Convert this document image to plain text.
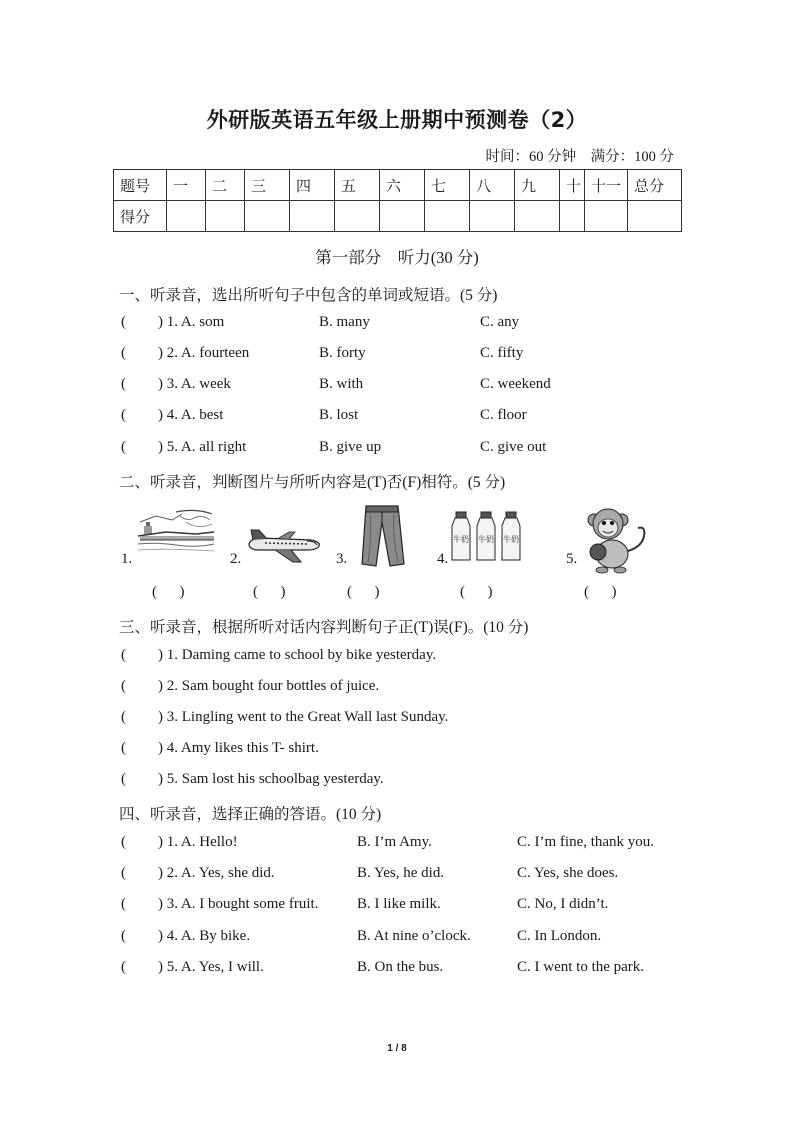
外研版英语五年级上册期中预测卷（2）
时间：60 分钟    满分：100 分
题号	一	二	三	四	五	六	七	八	九	十	十一	总分
得分												
第一部分    听力(30 分)
一、听录音，选出所听句子中包含的单词或短语。(5 分)
( ) 1. A. som	B. many	C. any
( ) 2. A. fourteen	B. forty	C. fifty
( ) 3. A. week	B. with	C. weekend
( ) 4. A. best	B. lost	C. floor
( ) 5. A. all right	B. give up	C. give out
二、听录音，判断图片与所听内容是(T)否(F)相符。(5 分)
1.	2.	3.	4.	5.
牛奶 牛奶 牛奶
(      )	(      )	(      )	(      )	(      )
三、听录音，根据所听对话内容判断句子正(T)误(F)。(10 分)
( ) 1. Daming came to school by bike yesterday.
( ) 2. Sam bought four bottles of juice.
( ) 3. Lingling went to the Great Wall last Sunday.
( ) 4. Amy likes this T- shirt.
( ) 5. Sam lost his schoolbag yesterday.
四、听录音，选择正确的答语。(10 分)
( ) 1. A. Hello!	B. I’m Amy.	C. I’m fine, thank you.
( ) 2. A. Yes, she did.	B. Yes, he did.	C. Yes, she does.
( ) 3. A. I bought some fruit.	B. I like milk.	C. No, I didn’t.
( ) 4. A. By bike.	B. At nine o’clock.	C. In London.
( ) 5. A. Yes, I will.	B. On the bus.	C. I went to the park.
1 / 8
